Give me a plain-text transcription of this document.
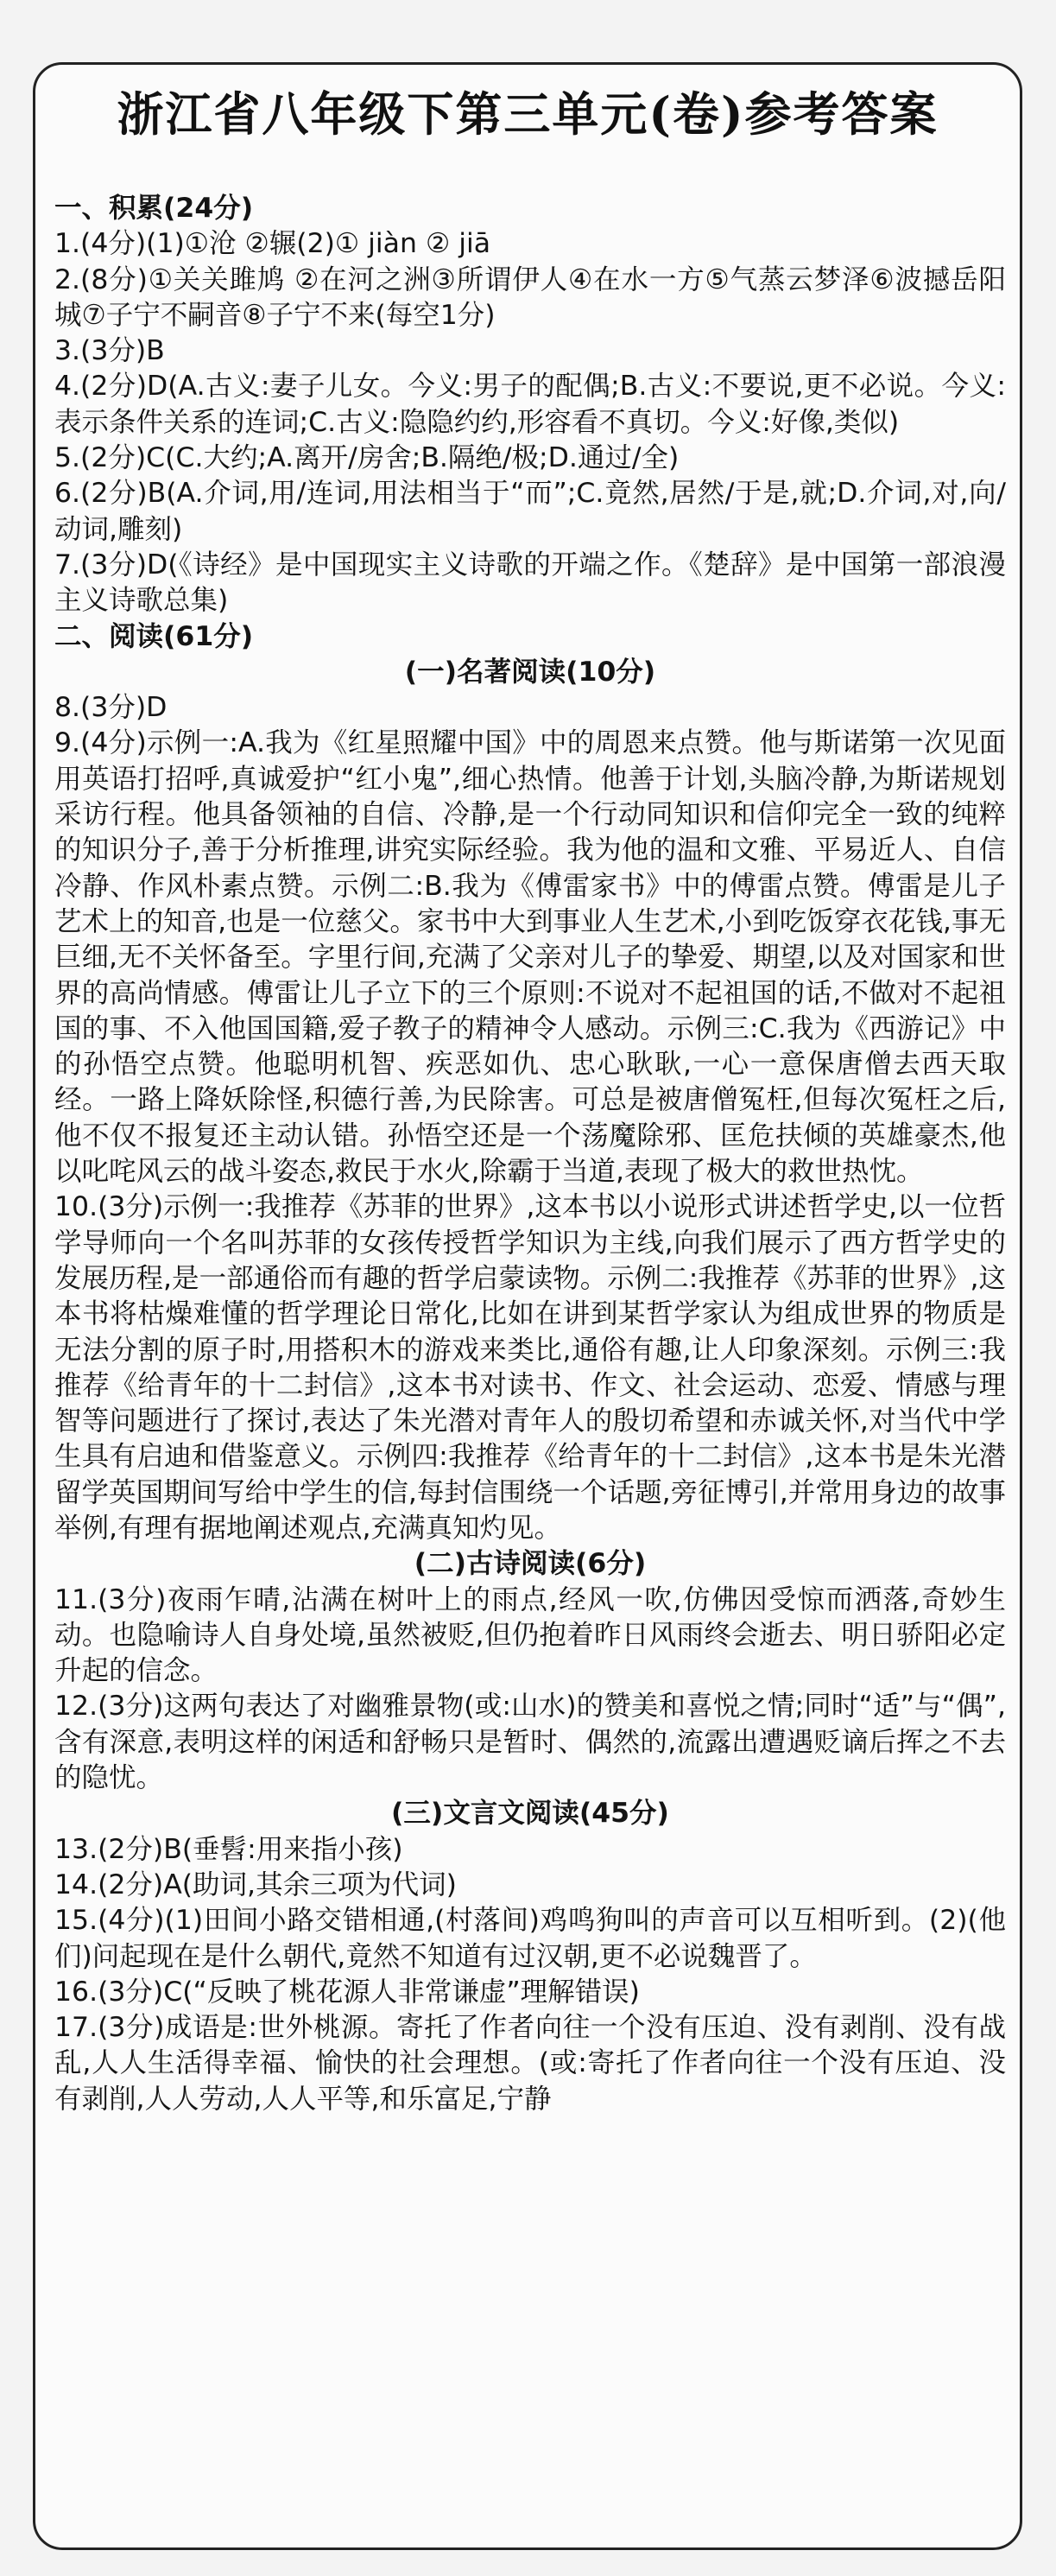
浙江省八年级下第三单元(卷)参考答案
一、积累(24分)
1.(4分)(1)①沧 ②辗(2)① jiàn ② jiā
2.(8分)①关关雎鸠 ②在河之洲③所谓伊人④在水一方⑤气蒸云梦泽⑥波撼岳阳城⑦子宁不嗣音⑧子宁不来(每空1分)
3.(3分)B
4.(2分)D(A.古义:妻子儿女。今义:男子的配偶;B.古义:不要说,更不必说。今义:表示条件关系的连词;C.古义:隐隐约约,形容看不真切。今义:好像,类似)
5.(2分)C(C.大约;A.离开/房舍;B.隔绝/极;D.通过/全)
6.(2分)B(A.介词,用/连词,用法相当于“而”;C.竟然,居然/于是,就;D.介词,对,向/动词,雕刻)
7.(3分)D(《诗经》是中国现实主义诗歌的开端之作。《楚辞》是中国第一部浪漫主义诗歌总集)
二、阅读(61分)
(一)名著阅读(10分)
8.(3分)D
9.(4分)示例一:A.我为《红星照耀中国》中的周恩来点赞。他与斯诺第一次见面用英语打招呼,真诚爱护“红小鬼”,细心热情。他善于计划,头脑冷静,为斯诺规划采访行程。他具备领袖的自信、冷静,是一个行动同知识和信仰完全一致的纯粹的知识分子,善于分析推理,讲究实际经验。我为他的温和文雅、平易近人、自信冷静、作风朴素点赞。示例二:B.我为《傅雷家书》中的傅雷点赞。傅雷是儿子艺术上的知音,也是一位慈父。家书中大到事业人生艺术,小到吃饭穿衣花钱,事无巨细,无不关怀备至。字里行间,充满了父亲对儿子的挚爱、期望,以及对国家和世界的高尚情感。傅雷让儿子立下的三个原则:不说对不起祖国的话,不做对不起祖国的事、不入他国国籍,爱子教子的精神令人感动。示例三:C.我为《西游记》中的孙悟空点赞。他聪明机智、疾恶如仇、忠心耿耿,一心一意保唐僧去西天取经。一路上降妖除怪,积德行善,为民除害。可总是被唐僧冤枉,但每次冤枉之后,他不仅不报复还主动认错。孙悟空还是一个荡魔除邪、匡危扶倾的英雄豪杰,他以叱咤风云的战斗姿态,救民于水火,除霸于当道,表现了极大的救世热忱。
10.(3分)示例一:我推荐《苏菲的世界》,这本书以小说形式讲述哲学史,以一位哲学导师向一个名叫苏菲的女孩传授哲学知识为主线,向我们展示了西方哲学史的发展历程,是一部通俗而有趣的哲学启蒙读物。示例二:我推荐《苏菲的世界》,这本书将枯燥难懂的哲学理论日常化,比如在讲到某哲学家认为组成世界的物质是无法分割的原子时,用搭积木的游戏来类比,通俗有趣,让人印象深刻。示例三:我推荐《给青年的十二封信》,这本书对读书、作文、社会运动、恋爱、情感与理智等问题进行了探讨,表达了朱光潜对青年人的殷切希望和赤诚关怀,对当代中学生具有启迪和借鉴意义。示例四:我推荐《给青年的十二封信》,这本书是朱光潜留学英国期间写给中学生的信,每封信围绕一个话题,旁征博引,并常用身边的故事举例,有理有据地阐述观点,充满真知灼见。
(二)古诗阅读(6分)
11.(3分)夜雨乍晴,沾满在树叶上的雨点,经风一吹,仿佛因受惊而洒落,奇妙生动。也隐喻诗人自身处境,虽然被贬,但仍抱着昨日风雨终会逝去、明日骄阳必定升起的信念。
12.(3分)这两句表达了对幽雅景物(或:山水)的赞美和喜悦之情;同时“适”与“偶”,含有深意,表明这样的闲适和舒畅只是暂时、偶然的,流露出遭遇贬谪后挥之不去的隐忧。
(三)文言文阅读(45分)
13.(2分)B(垂髫:用来指小孩)
14.(2分)A(助词,其余三项为代词)
15.(4分)(1)田间小路交错相通,(村落间)鸡鸣狗叫的声音可以互相听到。(2)(他们)问起现在是什么朝代,竟然不知道有过汉朝,更不必说魏晋了。
16.(3分)C(“反映了桃花源人非常谦虚”理解错误)
17.(3分)成语是:世外桃源。寄托了作者向往一个没有压迫、没有剥削、没有战乱,人人生活得幸福、愉快的社会理想。(或:寄托了作者向往一个没有压迫、没有剥削,人人劳动,人人平等,和乐富足,宁静
